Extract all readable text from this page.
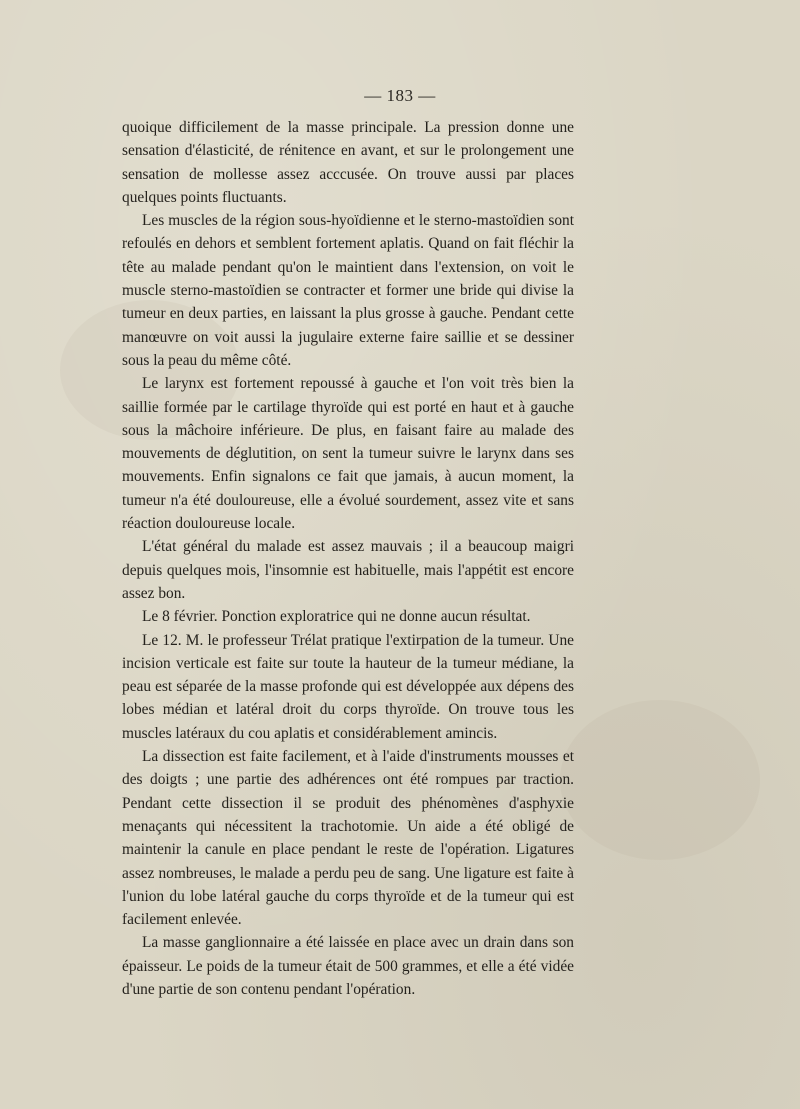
— 183 —

quoique difficilement de la masse principale. La pression donne une sensation d'élasticité, de rénitence en avant, et sur le prolongement une sensation de mollesse assez acccusée. On trouve aussi par places quelques points fluctuants.

Les muscles de la région sous-hyoïdienne et le sterno-mastoïdien sont refoulés en dehors et semblent fortement aplatis. Quand on fait fléchir la tête au malade pendant qu'on le maintient dans l'extension, on voit le muscle sterno-mastoïdien se contracter et former une bride qui divise la tumeur en deux parties, en laissant la plus grosse à gauche. Pendant cette manœuvre on voit aussi la jugulaire externe faire saillie et se dessiner sous la peau du même côté.

Le larynx est fortement repoussé à gauche et l'on voit très bien la saillie formée par le cartilage thyroïde qui est porté en haut et à gauche sous la mâchoire inférieure. De plus, en faisant faire au malade des mouvements de déglutition, on sent la tumeur suivre le larynx dans ses mouvements. Enfin signalons ce fait que jamais, à aucun moment, la tumeur n'a été douloureuse, elle a évolué sourdement, assez vite et sans réaction douloureuse locale.

L'état général du malade est assez mauvais ; il a beaucoup maigri depuis quelques mois, l'insomnie est habituelle, mais l'appétit est encore assez bon.

Le 8 février. Ponction exploratrice qui ne donne aucun résultat.

Le 12. M. le professeur Trélat pratique l'extirpation de la tumeur. Une incision verticale est faite sur toute la hauteur de la tumeur médiane, la peau est séparée de la masse profonde qui est développée aux dépens des lobes médian et latéral droit du corps thyroïde. On trouve tous les muscles latéraux du cou aplatis et considérablement amincis.

La dissection est faite facilement, et à l'aide d'instruments mousses et des doigts ; une partie des adhérences ont été rompues par traction. Pendant cette dissection il se produit des phénomènes d'asphyxie menaçants qui nécessitent la trachotomie. Un aide a été obligé de maintenir la canule en place pendant le reste de l'opération. Ligatures assez nombreuses, le malade a perdu peu de sang. Une ligature est faite à l'union du lobe latéral gauche du corps thyroïde et de la tumeur qui est facilement enlevée.

La masse ganglionnaire a été laissée en place avec un drain dans son épaisseur. Le poids de la tumeur était de 500 grammes, et elle a été vidée d'une partie de son contenu pendant l'opération.
